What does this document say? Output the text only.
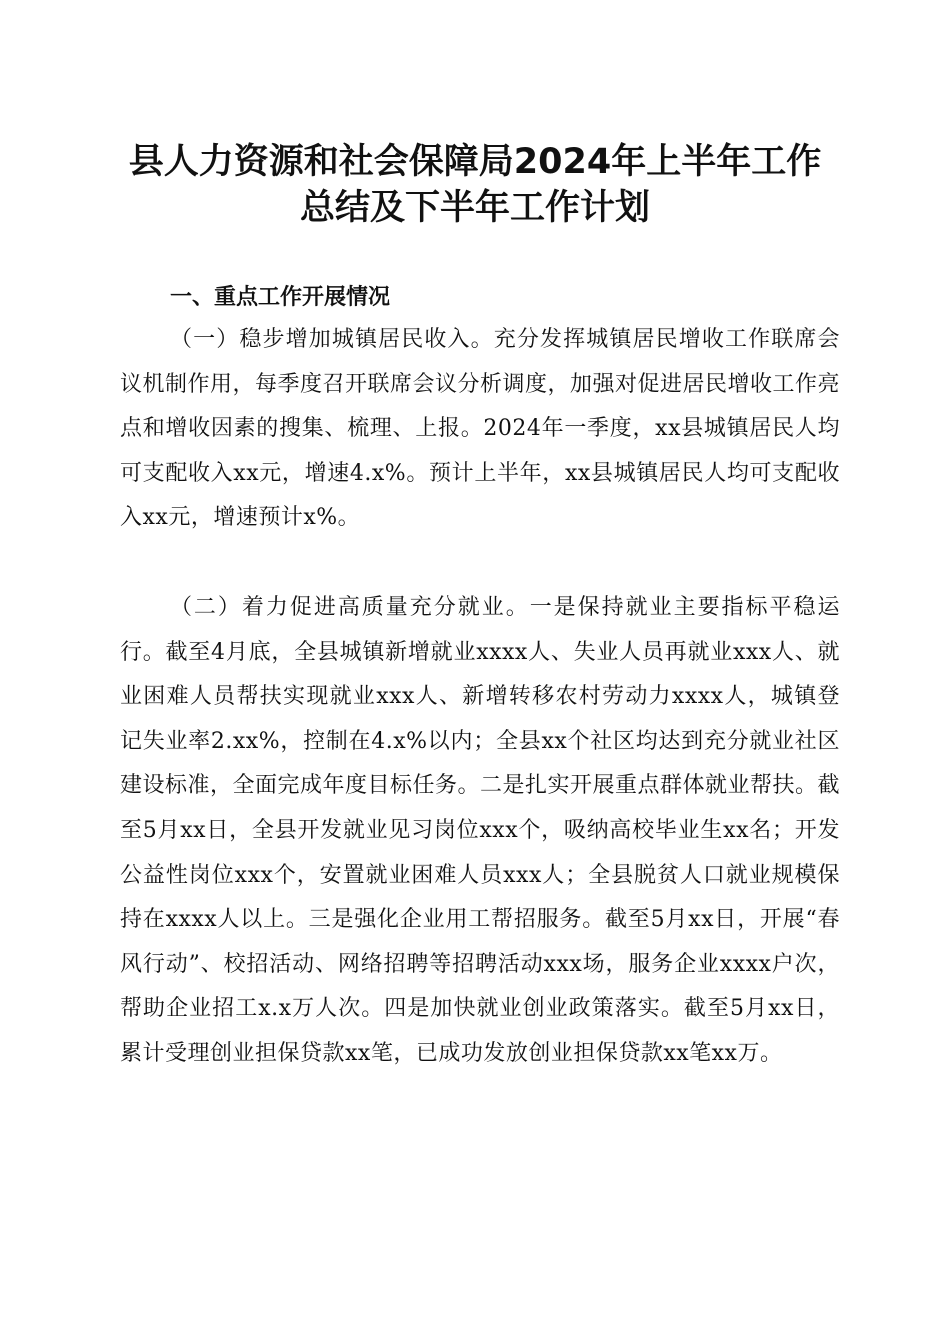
县人力资源和社会保障局2024年上半年工作
总结及下半年工作计划
一、重点工作开展情况
（一）稳步增加城镇居民收入。充分发挥城镇居民增收工作联席会议机制作用，每季度召开联席会议分析调度，加强对促进居民增收工作亮点和增收因素的搜集、梳理、上报。2024年一季度，xx县城镇居民人均可支配收入xx元，增速4.x%。预计上半年，xx县城镇居民人均可支配收入xx元，增速预计x%。
（二）着力促进高质量充分就业。一是保持就业主要指标平稳运行。截至4月底，全县城镇新增就业xxxx人、失业人员再就业xxx人、就业困难人员帮扶实现就业xxx人、新增转移农村劳动力xxxx人，城镇登记失业率2.xx%，控制在4.x%以内；全县xx个社区均达到充分就业社区建设标准，全面完成年度目标任务。二是扎实开展重点群体就业帮扶。截至5月xx日，全县开发就业见习岗位xxx个，吸纳高校毕业生xx名；开发公益性岗位xxx个，安置就业困难人员xxx人；全县脱贫人口就业规模保持在xxxx人以上。三是强化企业用工帮招服务。截至5月xx日，开展“春风行动”、校招活动、网络招聘等招聘活动xxx场，服务企业xxxx户次，帮助企业招工x.x万人次。四是加快就业创业政策落实。截至5月xx日，累计受理创业担保贷款xx笔，已成功发放创业担保贷款xx笔xx万。
